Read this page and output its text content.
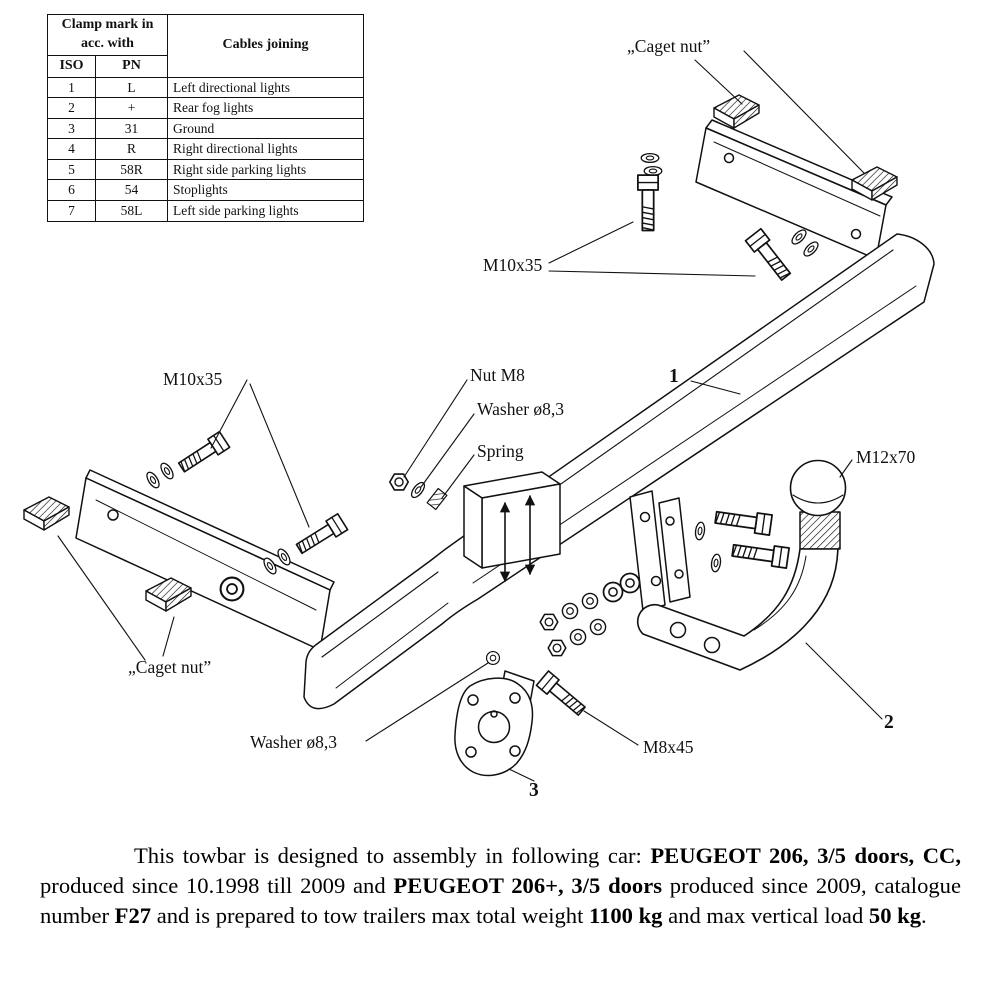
Clamp mark in acc. with		Cables joining
ISO	PN	
1	L	Left directional lights
2	+	Rear fog lights
3	31	Ground
4	R	Right directional lights
5	58R	Right side parking lights
6	54	Stoplights
7	58L	Left side parking lights
„Caget nut”
M10x35
M10x35	Nut M8
Washer ø8,3
Spring
1
M12x70
„Caget nut”
Washer ø8,3	M8x45
2
3

This towbar is designed to assembly in following car: PEUGEOT 206, 3/5 doors, CC, produced since 10.1998 till 2009 and PEUGEOT 206+, 3/5 doors produced since 2009, catalogue number F27 and is prepared to tow trailers max total weight 1100 kg and max vertical load 50 kg.
